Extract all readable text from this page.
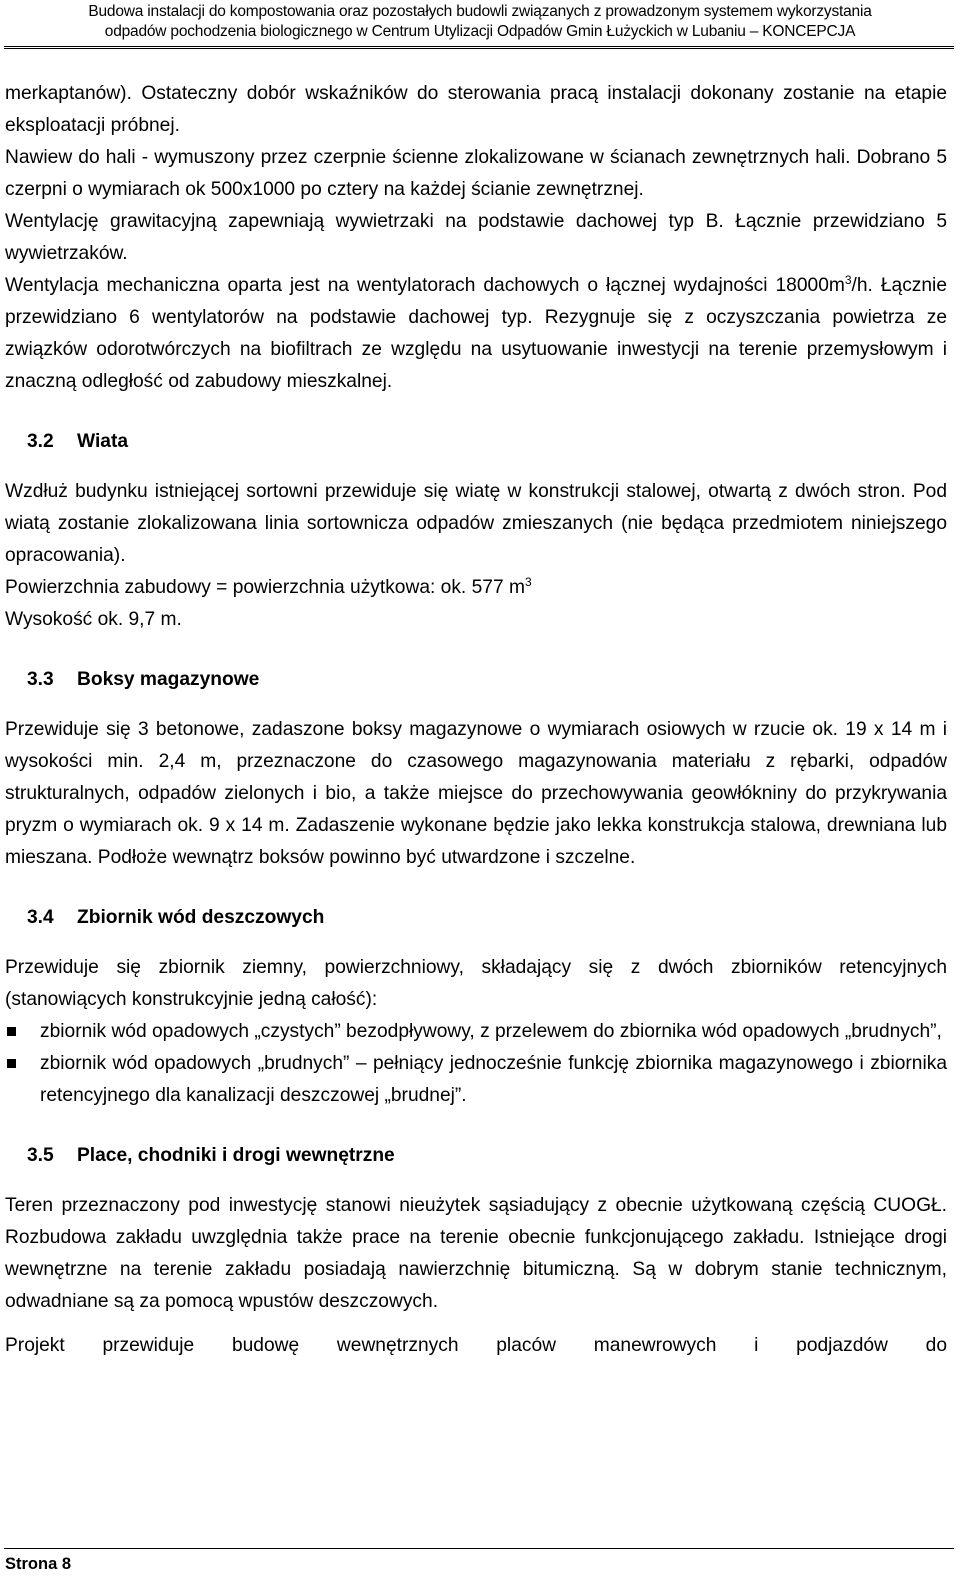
Budowa instalacji do kompostowania oraz pozostałych budowli związanych z prowadzonym systemem wykorzystania
odpadów pochodzenia biologicznego w Centrum Utylizacji Odpadów Gmin Łużyckich w Lubaniu – KONCEPCJA

merkaptanów). Ostateczny dobór wskaźników do sterowania pracą instalacji dokonany zostanie na etapie eksploatacji próbnej.

Nawiew do hali - wymuszony przez czerpnie ścienne zlokalizowane w ścianach zewnętrznych hali. Dobrano 5 czerpni o wymiarach ok 500x1000 po cztery na każdej ścianie zewnętrznej.

Wentylację grawitacyjną zapewniają wywietrzaki na podstawie dachowej typ B. Łącznie przewidziano 5 wywietrzaków.

Wentylacja mechaniczna oparta jest na wentylatorach dachowych o łącznej wydajności $18000m^3/h$. Łącznie przewidziano 6 wentylatorów na podstawie dachowej typ. Rezygnuje się z oczyszczania powietrza ze związków odorotwórczych na biofiltrach ze względu na usytuowanie inwestycji na terenie przemysłowym i znaczną odległość od zabudowy mieszkalnej.

3.2 Wiata

Wzdłuż budynku istniejącej sortowni przewiduje się wiatę w konstrukcji stalowej, otwartą z dwóch stron. Pod wiatą zostanie zlokalizowana linia sortownicza odpadów zmieszanych (nie będąca przedmiotem niniejszego opracowania).

Powierzchnia zabudowy = powierzchnia użytkowa: ok. 577 $m^3$

Wysokość ok. 9,7 m.

3.3 Boksy magazynowe

Przewiduje się 3 betonowe, zadaszone boksy magazynowe o wymiarach osiowych w rzucie ok. 19 x 14 m i wysokości min. 2,4 m, przeznaczone do czasowego magazynowania materiału z rębarki, odpadów strukturalnych, odpadów zielonych i bio, a także miejsce do przechowywania geowłókniny do przykrywania pryzm o wymiarach ok. 9 x 14 m. Zadaszenie wykonane będzie jako lekka konstrukcja stalowa, drewniana lub mieszana. Podłoże wewnątrz boksów powinno być utwardzone i szczelne.

3.4 Zbiornik wód deszczowych

Przewiduje się zbiornik ziemny, powierzchniowy, składający się z dwóch zbiorników retencyjnych (stanowiących konstrukcyjnie jedną całość):

zbiornik wód opadowych „czystych” bezodpływowy, z przelewem do zbiornika wód opadowych „brudnych”,
zbiornik wód opadowych „brudnych” – pełniący jednocześnie funkcję zbiornika magazynowego i zbiornika retencyjnego dla kanalizacji deszczowej „brudnej”.

3.5 Place, chodniki i drogi wewnętrzne

Teren przeznaczony pod inwestycję stanowi nieużytek sąsiadujący z obecnie użytkowaną częścią CUOGŁ. Rozbudowa zakładu uwzględnia także prace na terenie obecnie funkcjonującego zakładu. Istniejące drogi wewnętrzne na terenie zakładu posiadają nawierzchnię bitumiczną. Są w dobrym stanie technicznym, odwadniane są za pomocą wpustów deszczowych.

Projekt przewiduje budowę wewnętrznych placów manewrowych i podjazdów do

Strona 8
